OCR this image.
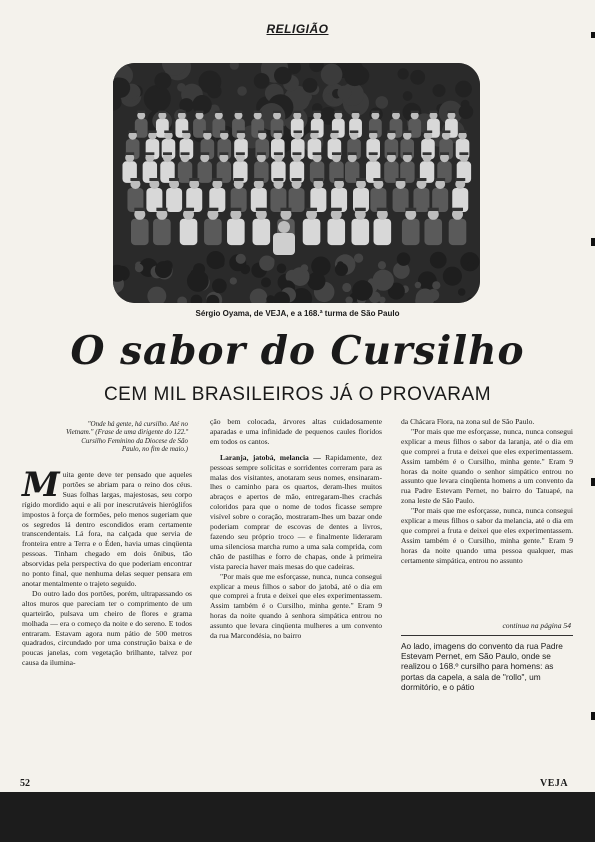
RELIGIÃO
Sérgio Oyama, de VEJA, e a 168.ª turma de São Paulo
O sabor do Cursilho
CEM MIL BRASILEIROS JÁ O PROVARAM
"Onde há gente, há cursilho. Até no Vietnam." (Frase de uma dirigente do 122.º Cursilho Feminino da Diocese de São Paulo, no fim de maio.)

Muita gente deve ter pensado que aqueles portões se abriam para o reino dos céus. Suas folhas largas, majestosas, seu corpo rígido mordido aqui e ali por inescrutáveis hieróglifos impostos à força de formões, pelo menos sugeriam que os segredos lá dentro escondidos eram certamente transcendentais. Lá fora, na calçada que servia de fronteira entre a Terra e o Éden, havia umas cinqüenta pessoas. Tinham chegado em dois ônibus, tão absorvidas pela perspectiva do que poderiam encontrar no ponto final, que nenhuma delas sequer pensara em anotar mentalmente o trajeto seguido.

Do outro lado dos portões, porém, ultrapassando os altos muros que pareciam ter o comprimento de um quarteirão, pulsava um cheiro de flores e grama molhada — era o começo da noite e do sereno. E todos entraram. Estavam agora num pátio de 500 metros quadrados, circundado por uma construção baixa e de poucas janelas, com vegetação brilhante, talvez por causa da ilumina-

ção bem colocada, árvores altas cuidadosamente aparadas e uma infinidade de pequenos caules floridos em todos os cantos.

Laranja, jatobá, melancia — Rapidamente, dez pessoas sempre solícitas e sorridentes correram para as malas dos visitantes, anotaram seus nomes, ensinaram-lhes o caminho para os quartos, deram-lhes muitos abraços e apertos de mão, entregaram-lhes crachás coloridos para que o nome de todos ficasse sempre visível sobre o coração, mostraram-lhes um bazar onde poderiam comprar de escovas de dentes a livros, fazendo seu próprio troco — e finalmente lideraram uma silenciosa marcha rumo a uma sala comprida, com chão de pastilhas e forro de chapas, onde à primeira vista parecia haver mais mesas do que cadeiras.

"Por mais que me esforçasse, nunca, nunca consegui explicar a meus filhos o sabor do jatobá, até o dia em que comprei a fruta e deixei que eles experimentassem. Assim também é o Cursilho, minha gente." Eram 9 horas da noite quando à senhora simpática entrou no assunto que levara cinqüenta mulheres a um convento da rua Marcondésia, no bairro

da Chácara Flora, na zona sul de São Paulo.

"Por mais que me esforçasse, nunca, nunca consegui explicar a meus filhos o sabor da laranja, até o dia em que comprei a fruta e deixei que eles experimentassem. Assim também é o Cursilho, minha gente." Eram 9 horas da noite quando o senhor simpático entrou no assunto que levara cinqüenta homens a um convento da rua Padre Estevam Pernet, no bairro do Tatuapé, na zona leste de São Paulo.

"Por mais que me esforçasse, nunca, nunca consegui explicar a meus filhos o sabor da melancia, até o dia em que comprei a fruta e deixei que eles experimentassem. Assim também é o Cursilho, minha gente." Eram 9 horas da noite quando uma pessoa qualquer, mas certamente simpática, entrou no assunto

continua na página 54
Ao lado, imagens do convento da rua Padre Estevam Pernet, em São Paulo, onde se realizou o 168.º cursilho para homens: as portas da capela, a sala de "rollo", um dormitório, e o pátio
52	VEJA
